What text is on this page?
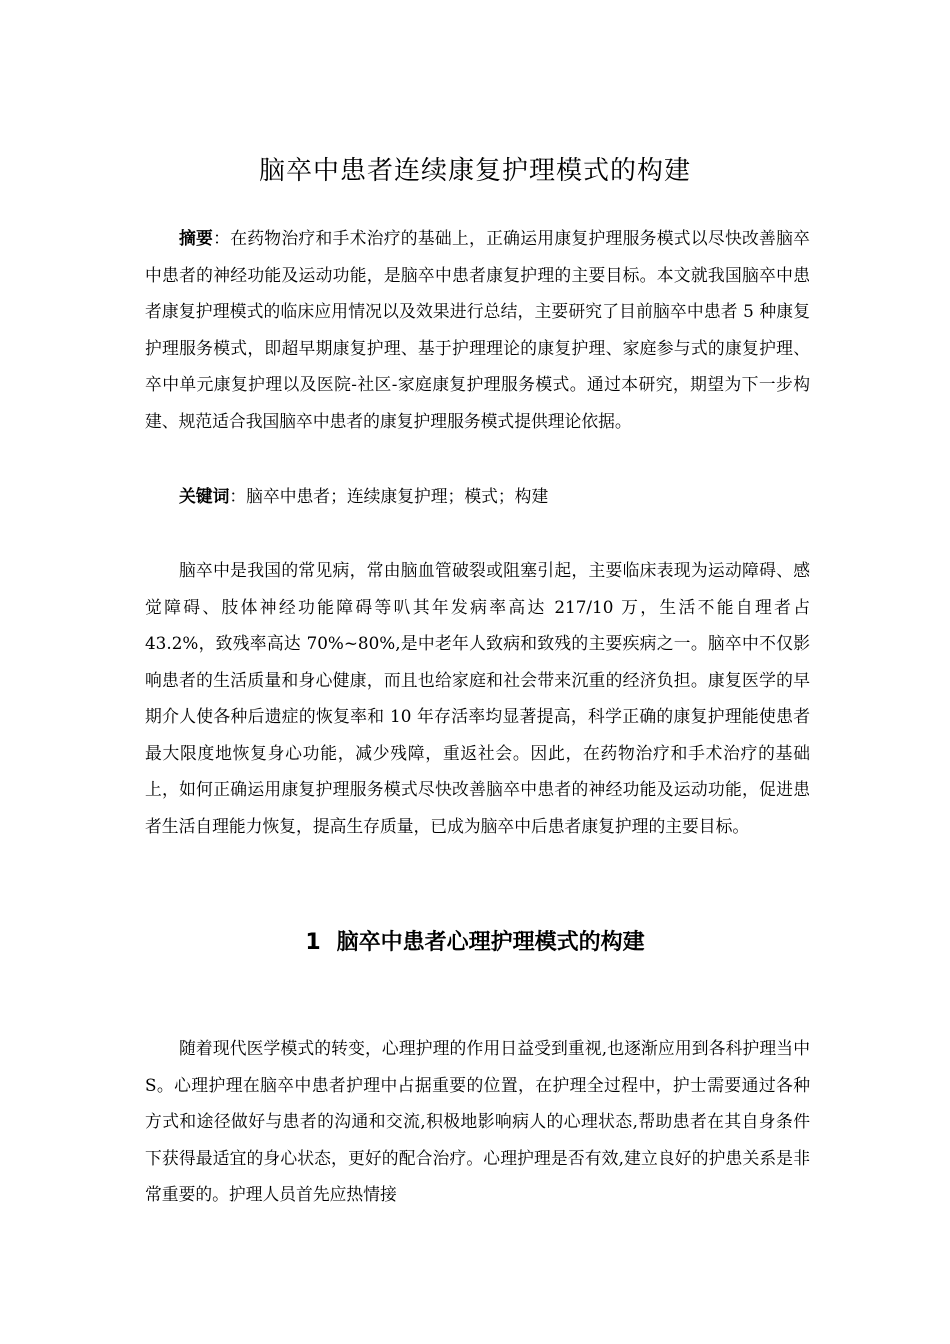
脑卒中患者连续康复护理模式的构建

摘要：在药物治疗和手术治疗的基础上，正确运用康复护理服务模式以尽快改善脑卒中患者的神经功能及运动功能，是脑卒中患者康复护理的主要目标。本文就我国脑卒中患者康复护理模式的临床应用情况以及效果进行总结，主要研究了目前脑卒中患者 5 种康复护理服务模式，即超早期康复护理、基于护理理论的康复护理、家庭参与式的康复护理、卒中单元康复护理以及医院-社区-家庭康复护理服务模式。通过本研究，期望为下一步构建、规范适合我国脑卒中患者的康复护理服务模式提供理论依据。

关键词：脑卒中患者；连续康复护理；模式；构建

脑卒中是我国的常见病，常由脑血管破裂或阻塞引起，主要临床表现为运动障碍、感觉障碍、肢体神经功能障碍等叭其年发病率高达 217/10 万，生活不能自理者占 43.2%，致残率高达 70%~80%,是中老年人致病和致残的主要疾病之一。脑卒中不仅影响患者的生活质量和身心健康，而且也给家庭和社会带来沉重的经济负担。康复医学的早期介人使各种后遗症的恢复率和 10 年存活率均显著提高，科学正确的康复护理能使患者最大限度地恢复身心功能，减少残障，重返社会。因此，在药物治疗和手术治疗的基础上，如何正确运用康复护理服务模式尽快改善脑卒中患者的神经功能及运动功能，促进患者生活自理能力恢复，提高生存质量，已成为脑卒中后患者康复护理的主要目标。

1 脑卒中患者心理护理模式的构建

随着现代医学模式的转变，心理护理的作用日益受到重视,也逐渐应用到各科护理当中 S。心理护理在脑卒中患者护理中占据重要的位置，在护理全过程中，护士需要通过各种方式和途径做好与患者的沟通和交流,积极地影响病人的心理状态,帮助患者在其自身条件下获得最适宜的身心状态，更好的配合治疗。心理护理是否有效,建立良好的护患关系是非常重要的。护理人员首先应热情接
